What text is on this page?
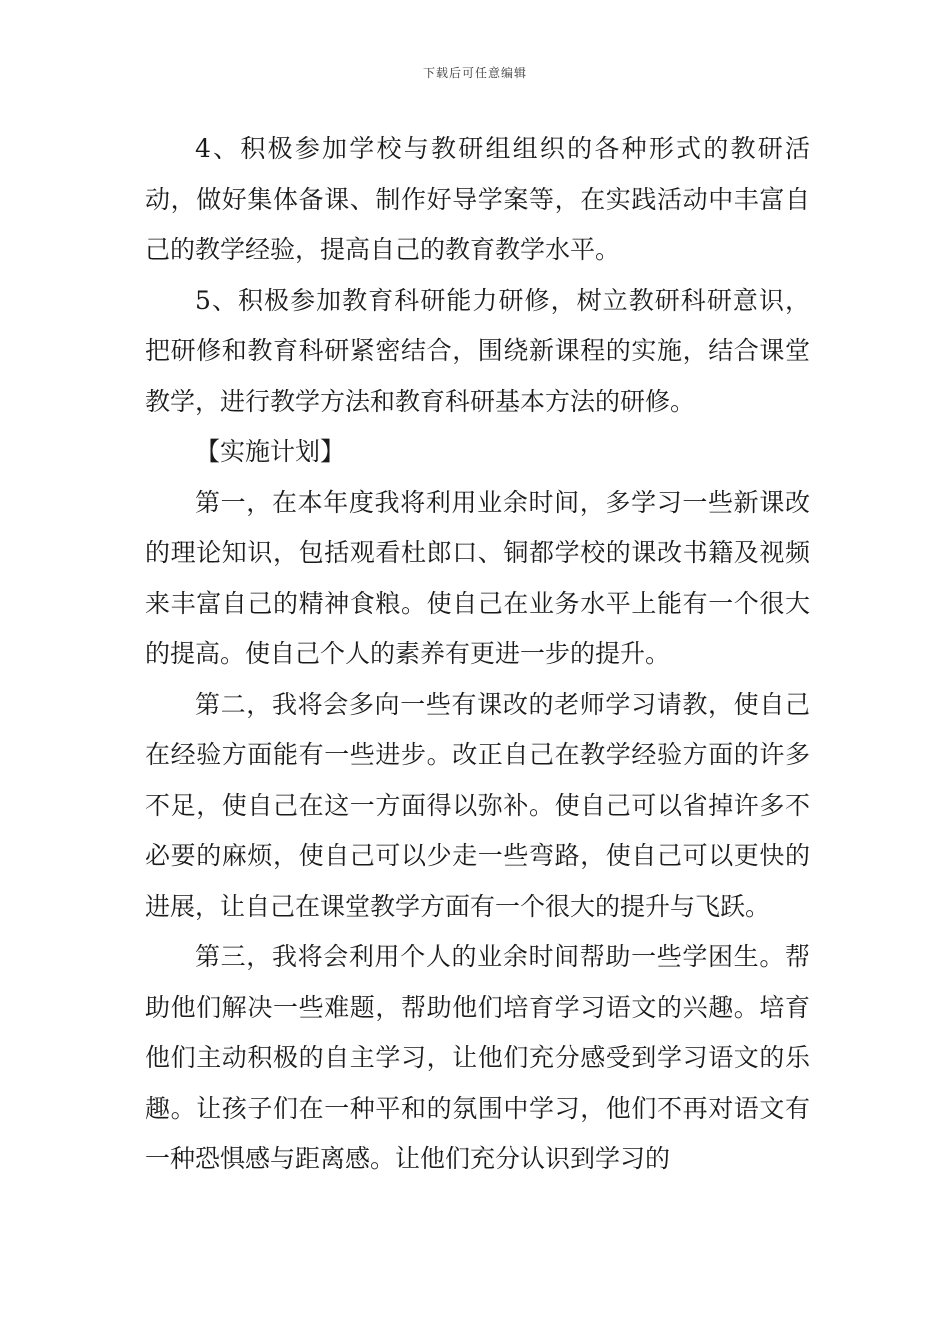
下载后可任意编辑

4、积极参加学校与教研组组织的各种形式的教研活动，做好集体备课、制作好导学案等，在实践活动中丰富自己的教学经验，提高自己的教育教学水平。

5、积极参加教育科研能力研修，树立教研科研意识，把研修和教育科研紧密结合，围绕新课程的实施，结合课堂教学，进行教学方法和教育科研基本方法的研修。

【实施计划】

第一，在本年度我将利用业余时间，多学习一些新课改的理论知识，包括观看杜郎口、铜都学校的课改书籍及视频来丰富自己的精神食粮。使自己在业务水平上能有一个很大的提高。使自己个人的素养有更进一步的提升。

第二，我将会多向一些有课改的老师学习请教，使自己在经验方面能有一些进步。改正自己在教学经验方面的许多不足，使自己在这一方面得以弥补。使自己可以省掉许多不必要的麻烦，使自己可以少走一些弯路，使自己可以更快的进展，让自己在课堂教学方面有一个很大的提升与飞跃。

第三，我将会利用个人的业余时间帮助一些学困生。帮助他们解决一些难题，帮助他们培育学习语文的兴趣。培育他们主动积极的自主学习，让他们充分感受到学习语文的乐趣。让孩子们在一种平和的氛围中学习，他们不再对语文有一种恐惧感与距离感。让他们充分认识到学习的
